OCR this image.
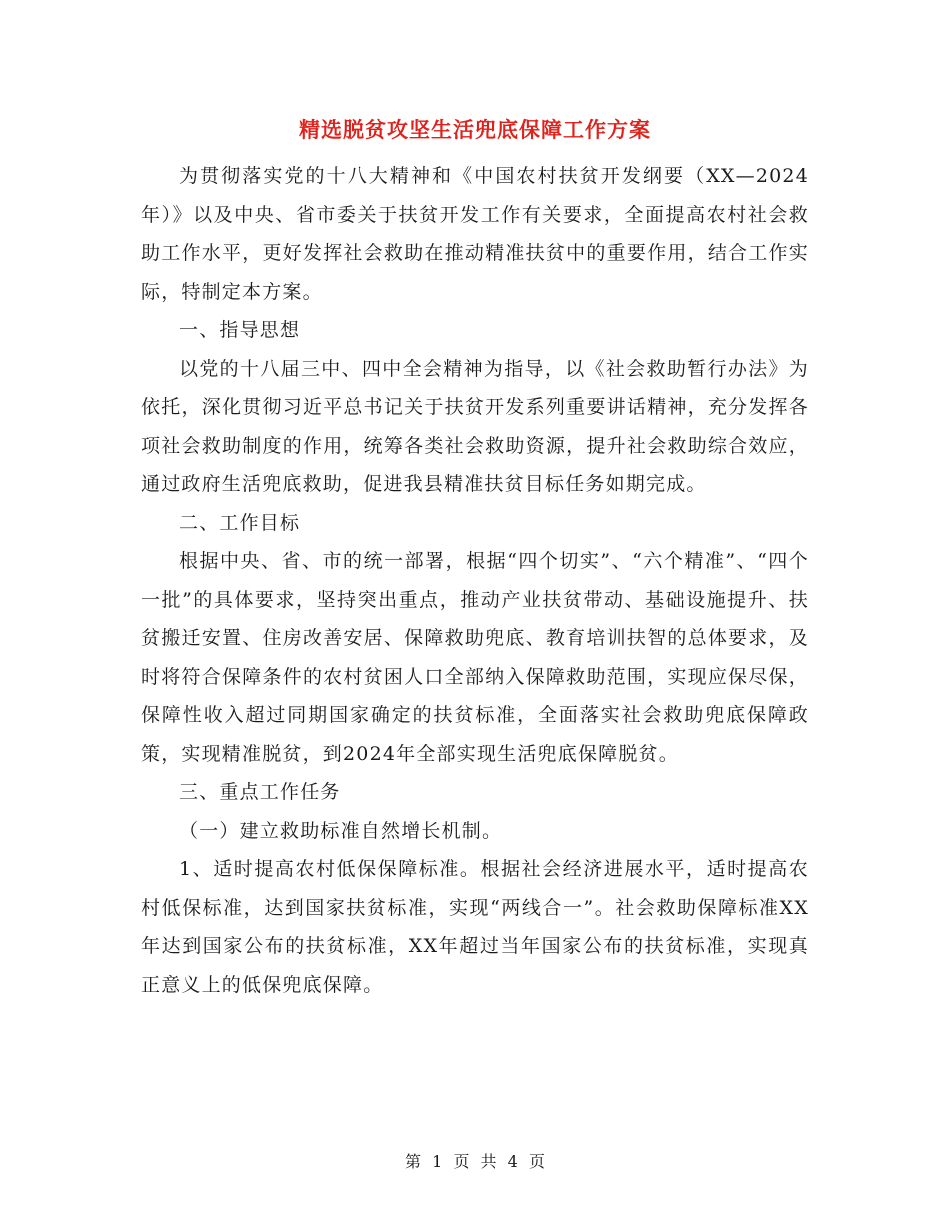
精选脱贫攻坚生活兜底保障工作方案

为贯彻落实党的十八大精神和《中国农村扶贫开发纲要（XX—2024年）》以及中央、省市委关于扶贫开发工作有关要求，全面提高农村社会救助工作水平，更好发挥社会救助在推动精准扶贫中的重要作用，结合工作实际，特制定本方案。

一、指导思想

以党的十八届三中、四中全会精神为指导，以《社会救助暂行办法》为依托，深化贯彻习近平总书记关于扶贫开发系列重要讲话精神，充分发挥各项社会救助制度的作用，统筹各类社会救助资源，提升社会救助综合效应，通过政府生活兜底救助，促进我县精准扶贫目标任务如期完成。

二、工作目标

根据中央、省、市的统一部署，根据“四个切实”、“六个精准”、“四个一批”的具体要求，坚持突出重点，推动产业扶贫带动、基础设施提升、扶贫搬迁安置、住房改善安居、保障救助兜底、教育培训扶智的总体要求，及时将符合保障条件的农村贫困人口全部纳入保障救助范围，实现应保尽保，保障性收入超过同期国家确定的扶贫标准，全面落实社会救助兜底保障政策，实现精准脱贫，到2024年全部实现生活兜底保障脱贫。

三、重点工作任务

（一）建立救助标准自然增长机制。

1、适时提高农村低保保障标准。根据社会经济进展水平，适时提高农村低保标准，达到国家扶贫标准，实现“两线合一”。社会救助保障标准XX年达到国家公布的扶贫标准，XX年超过当年国家公布的扶贫标准，实现真正意义上的低保兜底保障。

第 1 页 共 4 页
